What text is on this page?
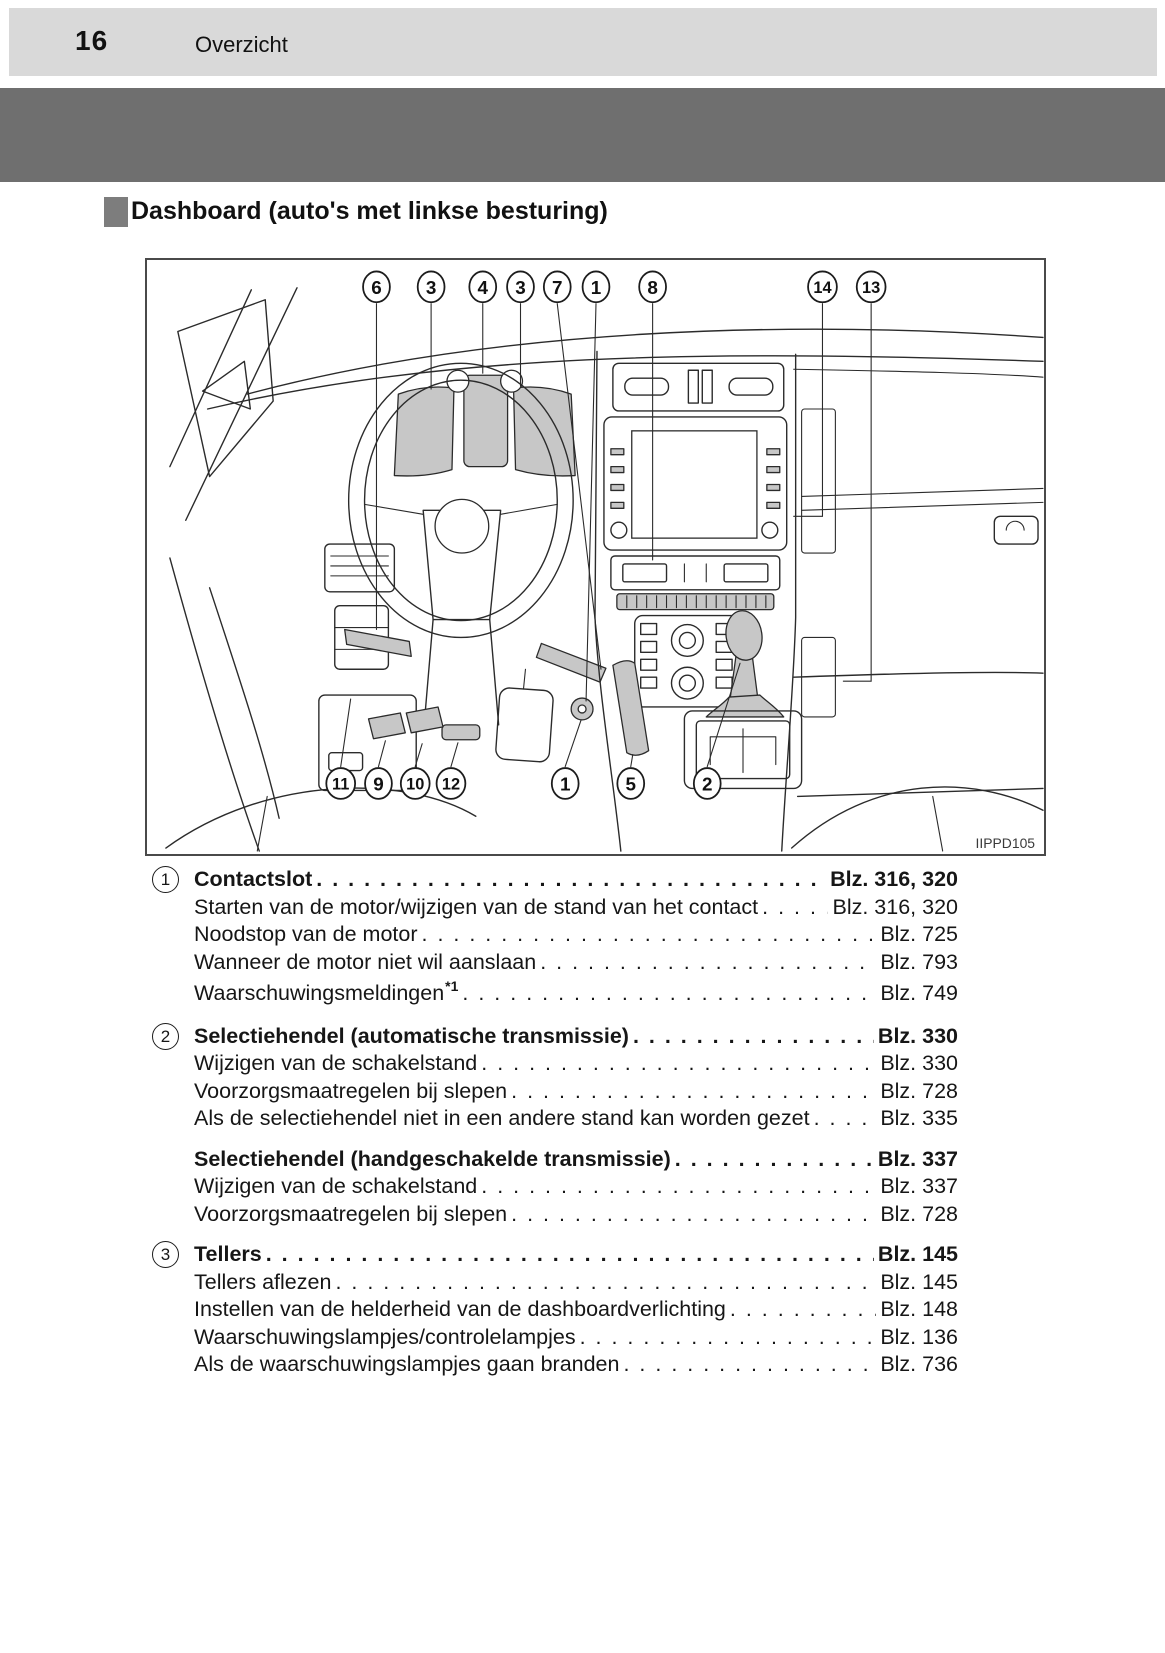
16	Overzicht
Dashboard (auto's met linkse besturing)
6 3 4 3 7 1 8	14 13
11 9 10 12	1	5	2
IIPPD105
1	Contactslot . . .	Blz. 316, 320
Starten van de motor/wijzigen van de stand van het contact . . .	Blz. 316, 320
Noodstop van de motor . . .	Blz. 725
Wanneer de motor niet wil aanslaan . . .	Blz. 793
Waarschuwingsmeldingen *1 . . .	Blz. 749
2	Selectiehendel (automatische transmissie) . . .	Blz. 330
Wijzigen van de schakelstand . . .	Blz. 330
Voorzorgsmaatregelen bij slepen . . .	Blz. 728
Als de selectiehendel niet in een andere stand kan worden gezet . . .	Blz. 335
Selectiehendel (handgeschakelde transmissie) . . .	Blz. 337
Wijzigen van de schakelstand . . .	Blz. 337
Voorzorgsmaatregelen bij slepen . . .	Blz. 728
3	Tellers . . .	Blz. 145
Tellers aflezen . . .	Blz. 145
Instellen van de helderheid van de dashboardverlichting . . .	Blz. 148
Waarschuwingslampjes/controlelampjes . . .	Blz. 136
Als de waarschuwingslampjes gaan branden . . .	Blz. 736
